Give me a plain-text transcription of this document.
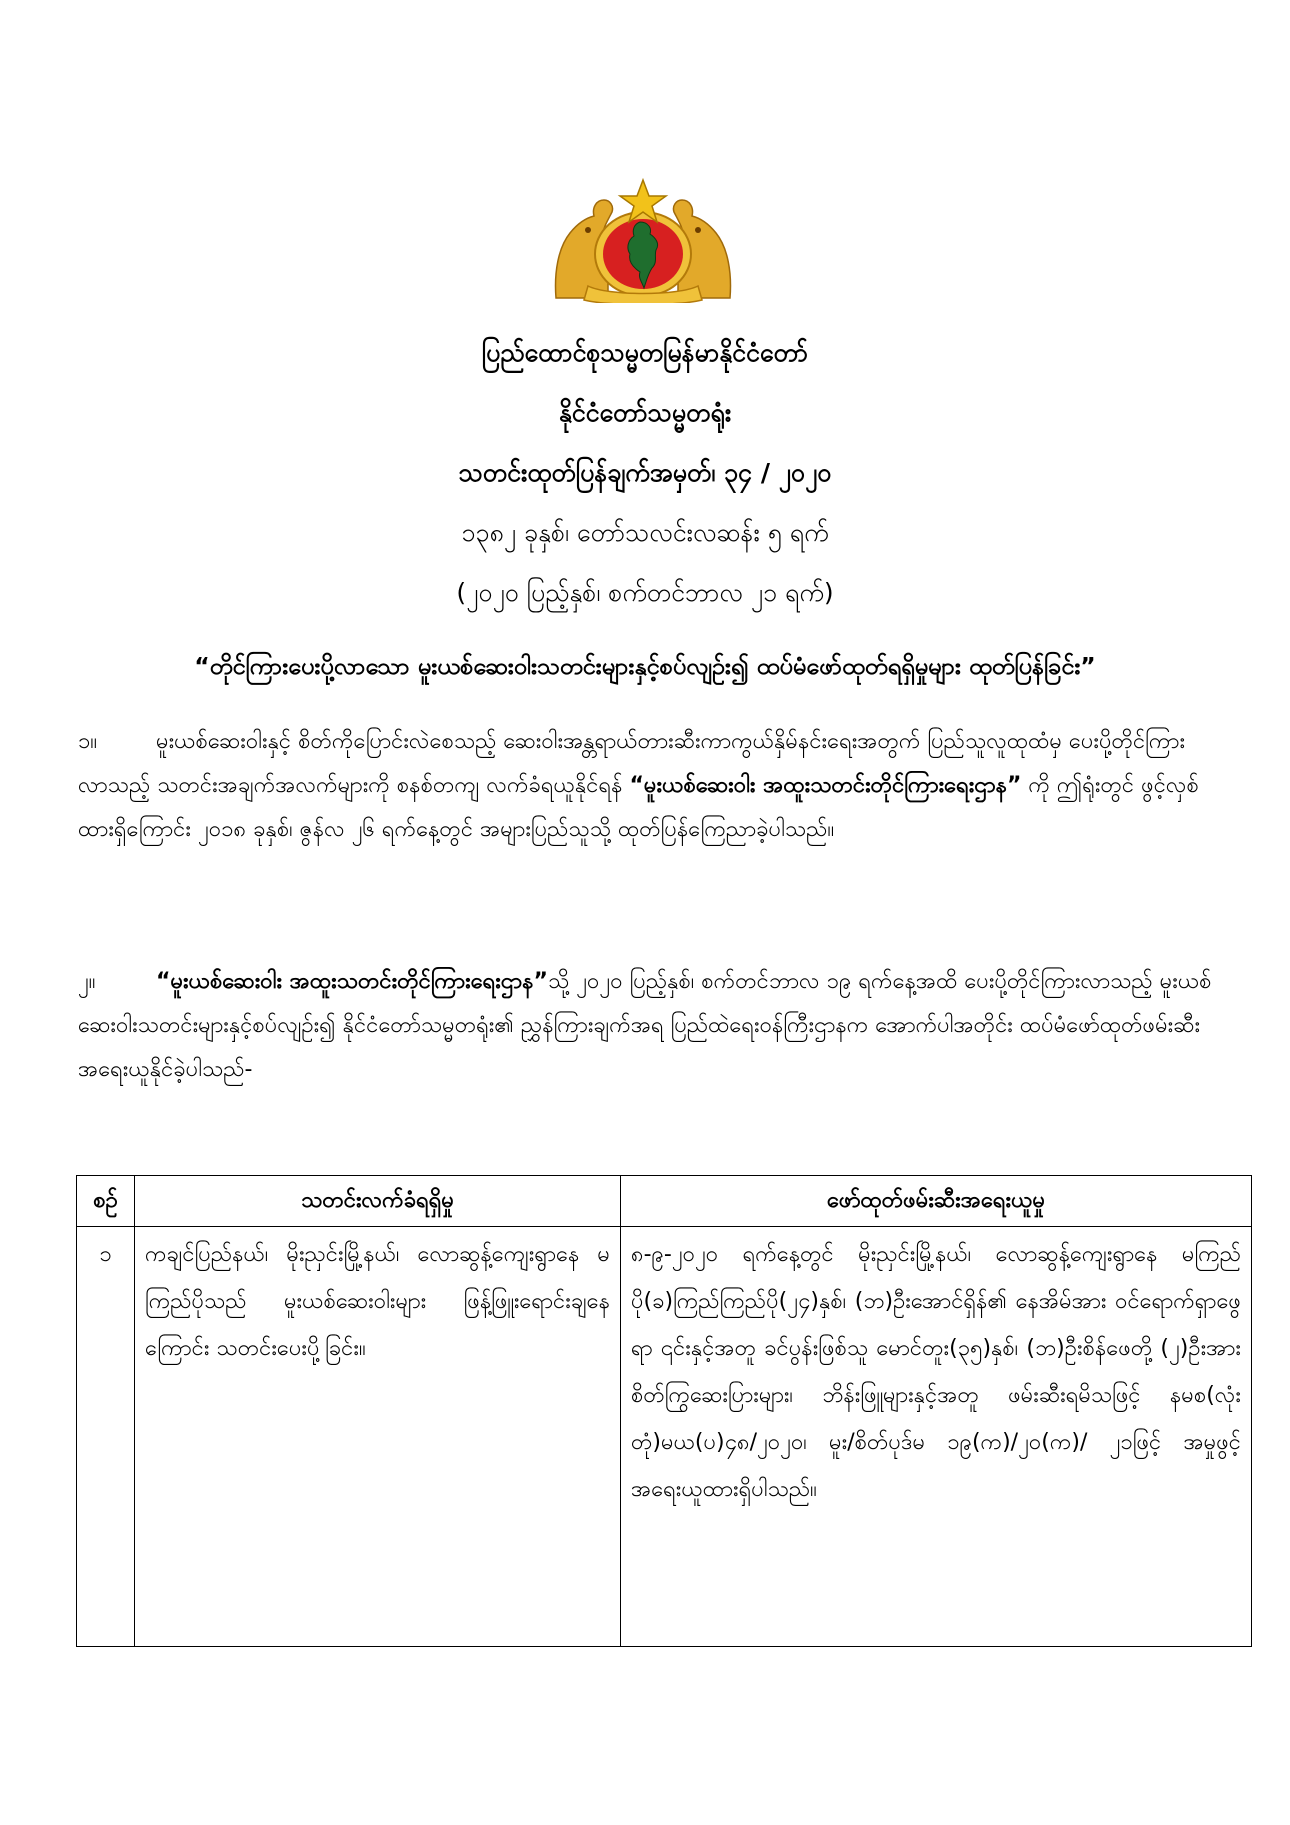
ပြည်ထောင်စုသမ္မတမြန်မာနိုင်ငံတော်
နိုင်ငံတော်သမ္မတရုံး
သတင်းထုတ်ပြန်ချက်အမှတ်၊ ၃၄ / ၂၀၂၀
၁၃၈၂ ခုနှစ်၊ တော်သလင်းလဆန်း ၅ ရက်
(၂၀၂၀ ပြည့်နှစ်၊ စက်တင်ဘာလ ၂၁ ရက်)
“တိုင်ကြားပေးပို့လာသော မူးယစ်ဆေးဝါးသတင်းများနှင့်စပ်လျဉ်း၍ ထပ်မံဖော်ထုတ်ရရှိမှုများ ထုတ်ပြန်ခြင်း”
၁။	မူးယစ်ဆေးဝါးနှင့် စိတ်ကိုပြောင်းလဲစေသည့် ဆေးဝါးအန္တရာယ်တားဆီးကာကွယ်နှိမ်နင်းရေးအတွက် ပြည်သူလူထုထံမှ ပေးပို့တိုင်ကြားလာသည့် သတင်းအချက်အလက်များကို စနစ်တကျ လက်ခံရယူနိုင်ရန် “မူးယစ်ဆေးဝါး အထူးသတင်းတိုင်ကြားရေးဌာန” ကို ဤရုံးတွင် ဖွင့်လှစ်ထားရှိကြောင်း ၂၀၁၈ ခုနှစ်၊ ဇွန်လ ၂၆ ရက်နေ့တွင် အများပြည်သူသို့ ထုတ်ပြန်ကြေညာခဲ့ပါသည်။
၂။	“မူးယစ်ဆေးဝါး အထူးသတင်းတိုင်ကြားရေးဌာန”သို့ ၂၀၂၀ ပြည့်နှစ်၊ စက်တင်ဘာလ ၁၉ ရက်နေ့အထိ ပေးပို့တိုင်ကြားလာသည့် မူးယစ်ဆေးဝါးသတင်းများနှင့်စပ်လျဉ်း၍ နိုင်ငံတော်သမ္မတရုံး၏ ညွှန်ကြားချက်အရ ပြည်ထဲရေးဝန်ကြီးဌာနက အောက်ပါအတိုင်း ထပ်မံဖော်ထုတ်ဖမ်းဆီးအရေးယူနိုင်ခဲ့ပါသည်-
စဉ်	သတင်းလက်ခံရရှိမှု	ဖော်ထုတ်ဖမ်းဆီးအရေးယူမှု
၁	ကချင်ပြည်နယ်၊ မိုးညှင်းမြို့နယ်၊ လောဆွန့်ကျေးရွာနေ မကြည်ပိုသည် မူးယစ်ဆေးဝါးများ ဖြန့်ဖြူးရောင်းချနေကြောင်း သတင်းပေးပို့ခြင်း။	၈-၉-၂၀၂၀ ရက်နေ့တွင် မိုးညှင်းမြို့နယ်၊ လောဆွန့်ကျေးရွာနေ မကြည်ပို(ခ)ကြည်ကြည်ပို(၂၄)နှစ်၊ (ဘ)ဦးအောင်ရှိန်၏ နေအိမ်အား ဝင်ရောက်ရှာဖွေရာ ၎င်းနှင့်အတူ ခင်ပွန်းဖြစ်သူ မောင်တူး(၃၅)နှစ်၊ (ဘ)ဦးစိန်ဖေတို့ (၂)ဦးအား စိတ်ကြွဆေးပြားများ၊ ဘိန်းဖြူများနှင့်အတူ ဖမ်းဆီးရမိသဖြင့် နမစ(လုံးတုံ)မယ(ပ)၄၈/၂၀၂၀၊ မူး/စိတ်ပုဒ်မ ၁၉(က)/၂၀(က)/ ၂၁ဖြင့် အမှုဖွင့် အရေးယူထားရှိပါသည်။
